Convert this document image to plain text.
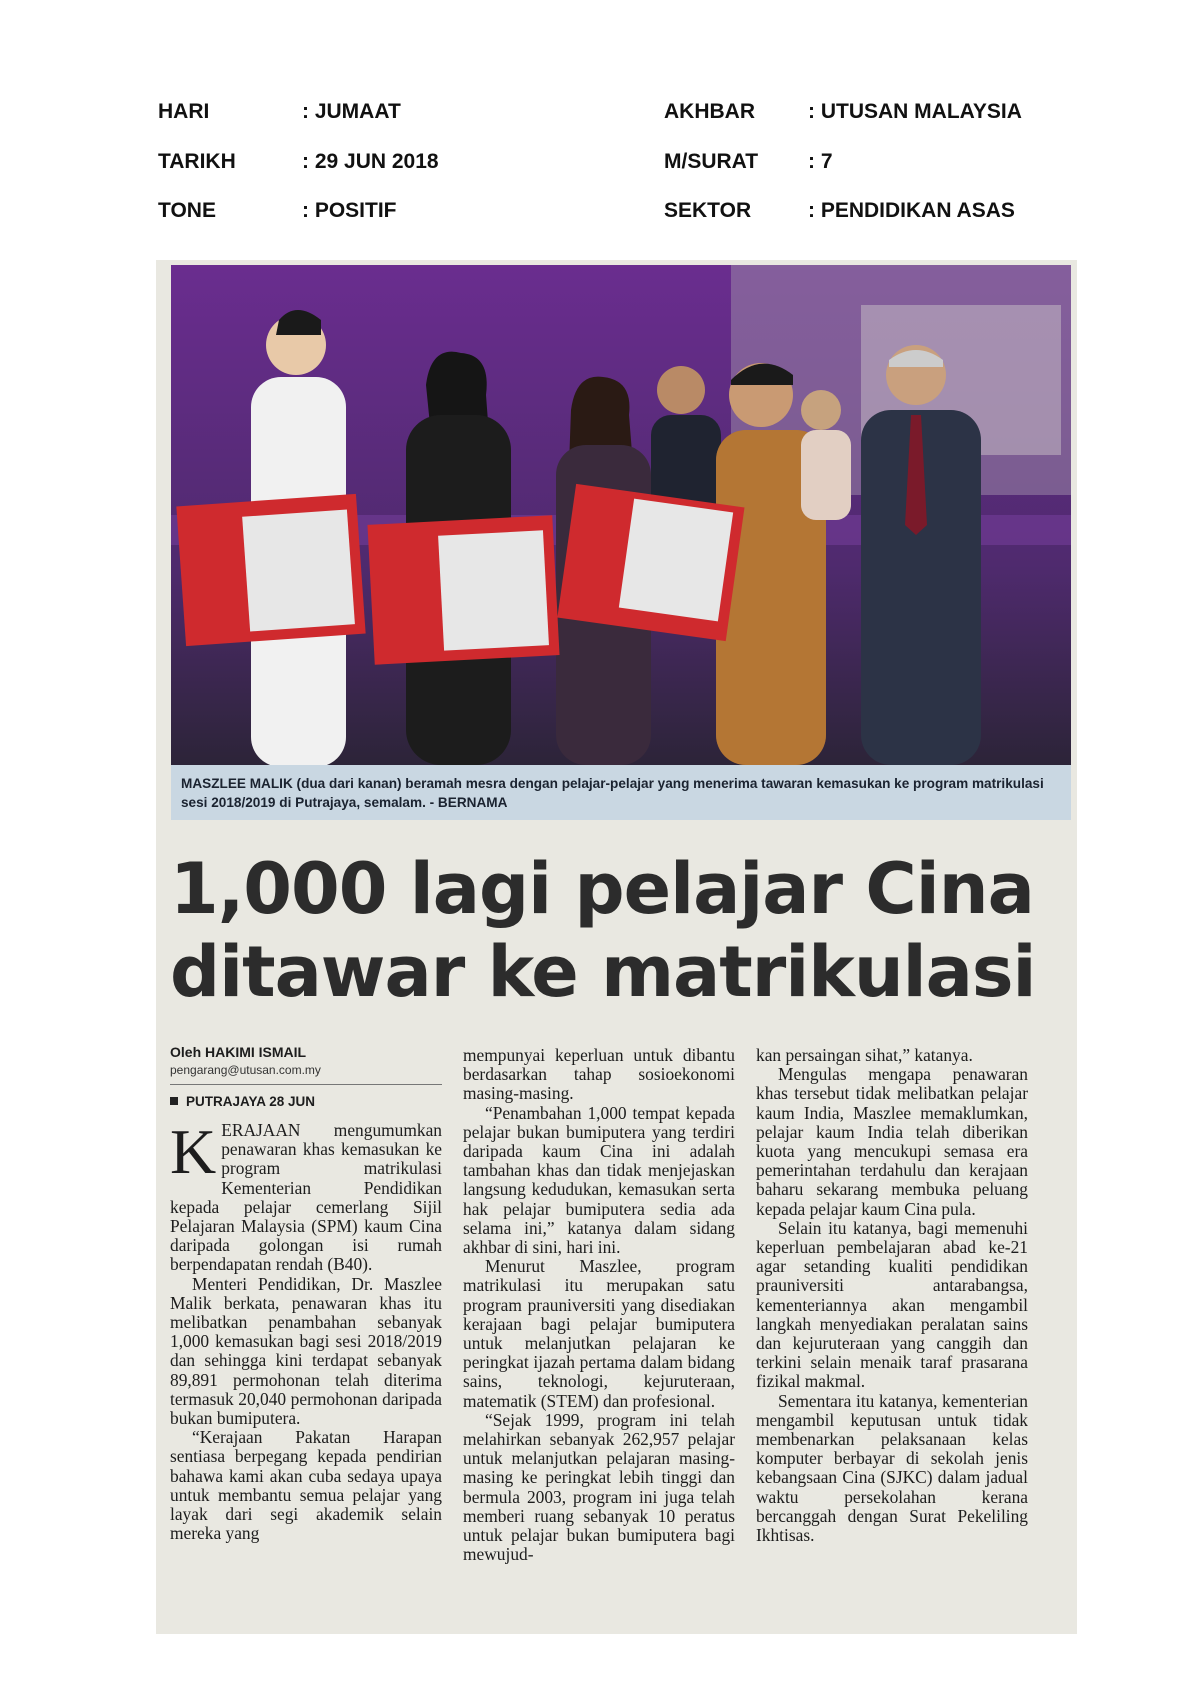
HARI	: JUMAAT	AKHBAR	: UTUSAN MALAYSIA
TARIKH	: 29 JUN 2018	M/SURAT : 7
TONE	: POSITIF	SEKTOR	: PENDIDIKAN ASAS
MASZLEE MALIK (dua dari kanan) beramah mesra dengan pelajar-pelajar yang menerima tawaran kemasukan ke program matrikulasi sesi 2018/2019 di Putrajaya, semalam. - BERNAMA
1,000 lagi pelajar Cina
ditawar ke matrikulasi
Oleh HAKIMI ISMAIL
pengarang@utusan.com.my
PUTRAJAYA 28 JUN

KERAJAAN mengumumkan penawaran khas kemasukan ke program matrikulasi Kementerian Pendidikan kepada pelajar cemerlang Sijil Pelajaran Malaysia (SPM) kaum Cina daripada golongan isi rumah berpendapatan rendah (B40).

Menteri Pendidikan, Dr. Maszlee Malik berkata, penawaran khas itu melibatkan penambahan sebanyak 1,000 kemasukan bagi sesi 2018/2019 dan sehingga kini terdapat sebanyak 89,891 permohonan telah diterima termasuk 20,040 permohonan daripada bukan bumiputera.

“Kerajaan Pakatan Harapan sentiasa berpegang kepada pendirian bahawa kami akan cuba sedaya upaya untuk membantu semua pelajar yang layak dari segi akademik selain mereka yang

mempunyai keperluan untuk dibantu berdasarkan tahap sosioekonomi masing-masing.

“Penambahan 1,000 tempat kepada pelajar bukan bumiputera yang terdiri daripada kaum Cina ini adalah tambahan khas dan tidak menjejaskan langsung kedudukan, kemasukan serta hak pelajar bumiputera sedia ada selama ini,” katanya dalam sidang akhbar di sini, hari ini.

Menurut Maszlee, program matrikulasi itu merupakan satu program prauniversiti yang disediakan kerajaan bagi pelajar bumiputera untuk melanjutkan pelajaran ke peringkat ijazah pertama dalam bidang sains, teknologi, kejuruteraan, matematik (STEM) dan profesional.

“Sejak 1999, program ini telah melahirkan sebanyak 262,957 pelajar untuk melanjutkan pelajaran masing-masing ke peringkat lebih tinggi dan bermula 2003, program ini juga telah memberi ruang sebanyak 10 peratus untuk pelajar bukan bumiputera bagi mewujud-

kan persaingan sihat,” katanya.

Mengulas mengapa penawaran khas tersebut tidak melibatkan pelajar kaum India, Maszlee memaklumkan, pelajar kaum India telah diberikan kuota yang mencukupi semasa era pemerintahan terdahulu dan kerajaan baharu sekarang membuka peluang kepada pelajar kaum Cina pula.

Selain itu katanya, bagi memenuhi keperluan pembelajaran abad ke-21 agar setanding kualiti pendidikan prauniversiti antarabangsa, kementeriannya akan mengambil langkah menyediakan peralatan sains dan kejuruteraan yang canggih dan terkini selain menaik taraf prasarana fizikal makmal.

Sementara itu katanya, kementerian mengambil keputusan untuk tidak membenarkan pelaksanaan kelas komputer berbayar di sekolah jenis kebangsaan Cina (SJKC) dalam jadual waktu persekolahan kerana bercanggah dengan Surat Pekeliling Ikhtisas.
